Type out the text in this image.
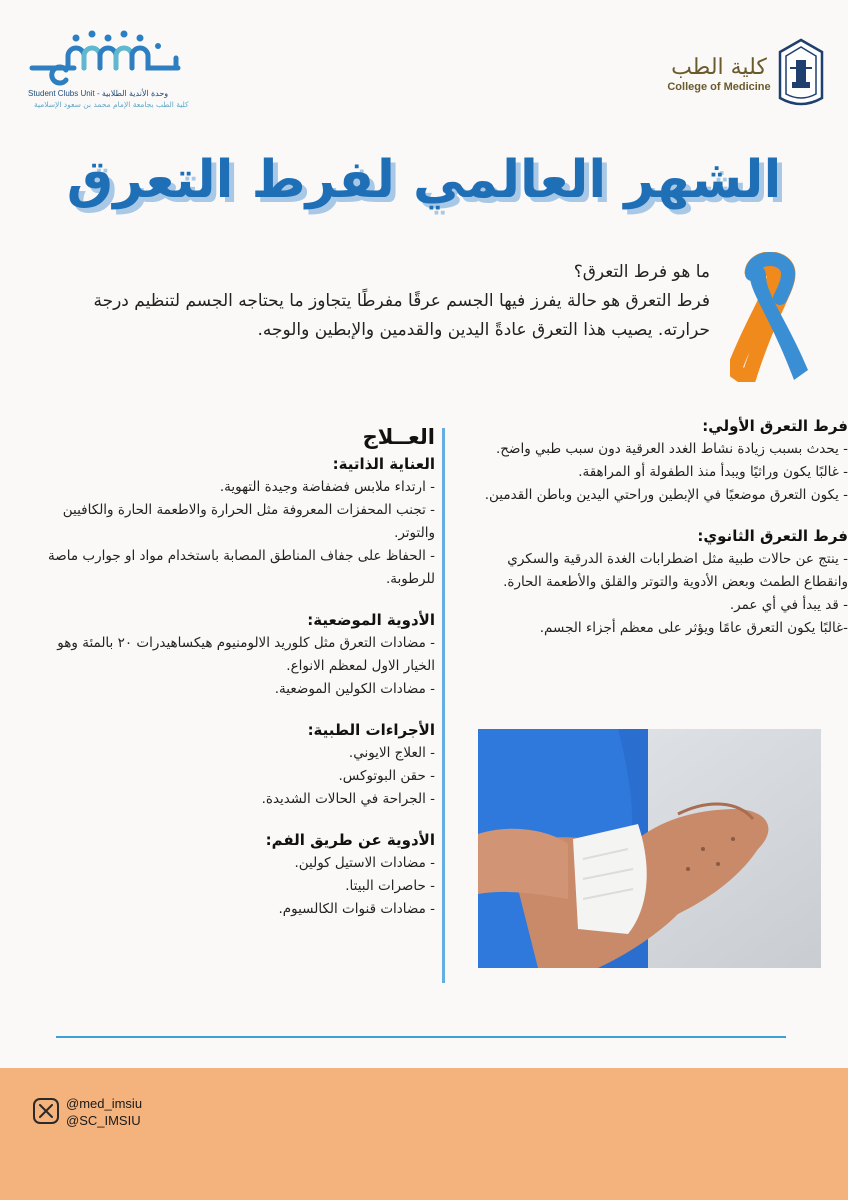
Student Clubs Unit - وحدة الأندية الطلابية
كلية الطب بجامعة الإمام محمد بن سعود الإسلامية
كلية الطب
College of Medicine
الشهر العالمي لفرط التعرق
ما هو فرط التعرق؟
فرط التعرق هو حالة يفرز فيها الجسم عرقًا مفرطًا يتجاوز ما يحتاجه الجسم لتنظيم درجة حرارته. يصيب هذا التعرق عادةً اليدين والقدمين والإبطين والوجه.

فرط التعرق الأولي:

- يحدث بسبب زيادة نشاط الغدد العرقية دون سبب طبي واضح.

- غالبًا يكون وراثيًا ويبدأ منذ الطفولة أو المراهقة.

- يكون التعرق موضعيًا في الإبطين وراحتي اليدين وباطن القدمين.

فرط التعرق الثانوي:

- ينتج عن حالات طبية مثل اضطرابات الغدة الدرقية والسكري وانقطاع الطمث وبعض الأدوية والتوتر والقلق والأطعمة الحارة.

- قد يبدأ في أي عمر.

-غالبًا يكون التعرق عامًا ويؤثر على معظم أجزاء الجسم.

العــلاج

العناية الذاتية:

- ارتداء ملابس فضفاضة وجيدة التهوية.

- تجنب المحفزات المعروفة مثل الحرارة والاطعمة الحارة والكافيين والتوتر.

- الحفاظ على جفاف المناطق المصابة باستخدام مواد او جوارب ماصة للرطوبة.

الأدوية الموضعية:

- مضادات التعرق مثل كلوريد الالومنيوم هيكساهيدرات ٢٠ بالمئة وهو الخيار الاول لمعظم الانواع.

- مضادات الكولين الموضعية.

الأجراءات الطبية:

- العلاج الايوني.

- حقن البوتوكس.

- الجراحة في الحالات الشديدة.

الأدوية عن طريق الفم:

- مضادات الاستيل كولين.

- حاصرات البيتا.

- مضادات قنوات الكالسيوم.

@med_imsiu
@SC_IMSIU
